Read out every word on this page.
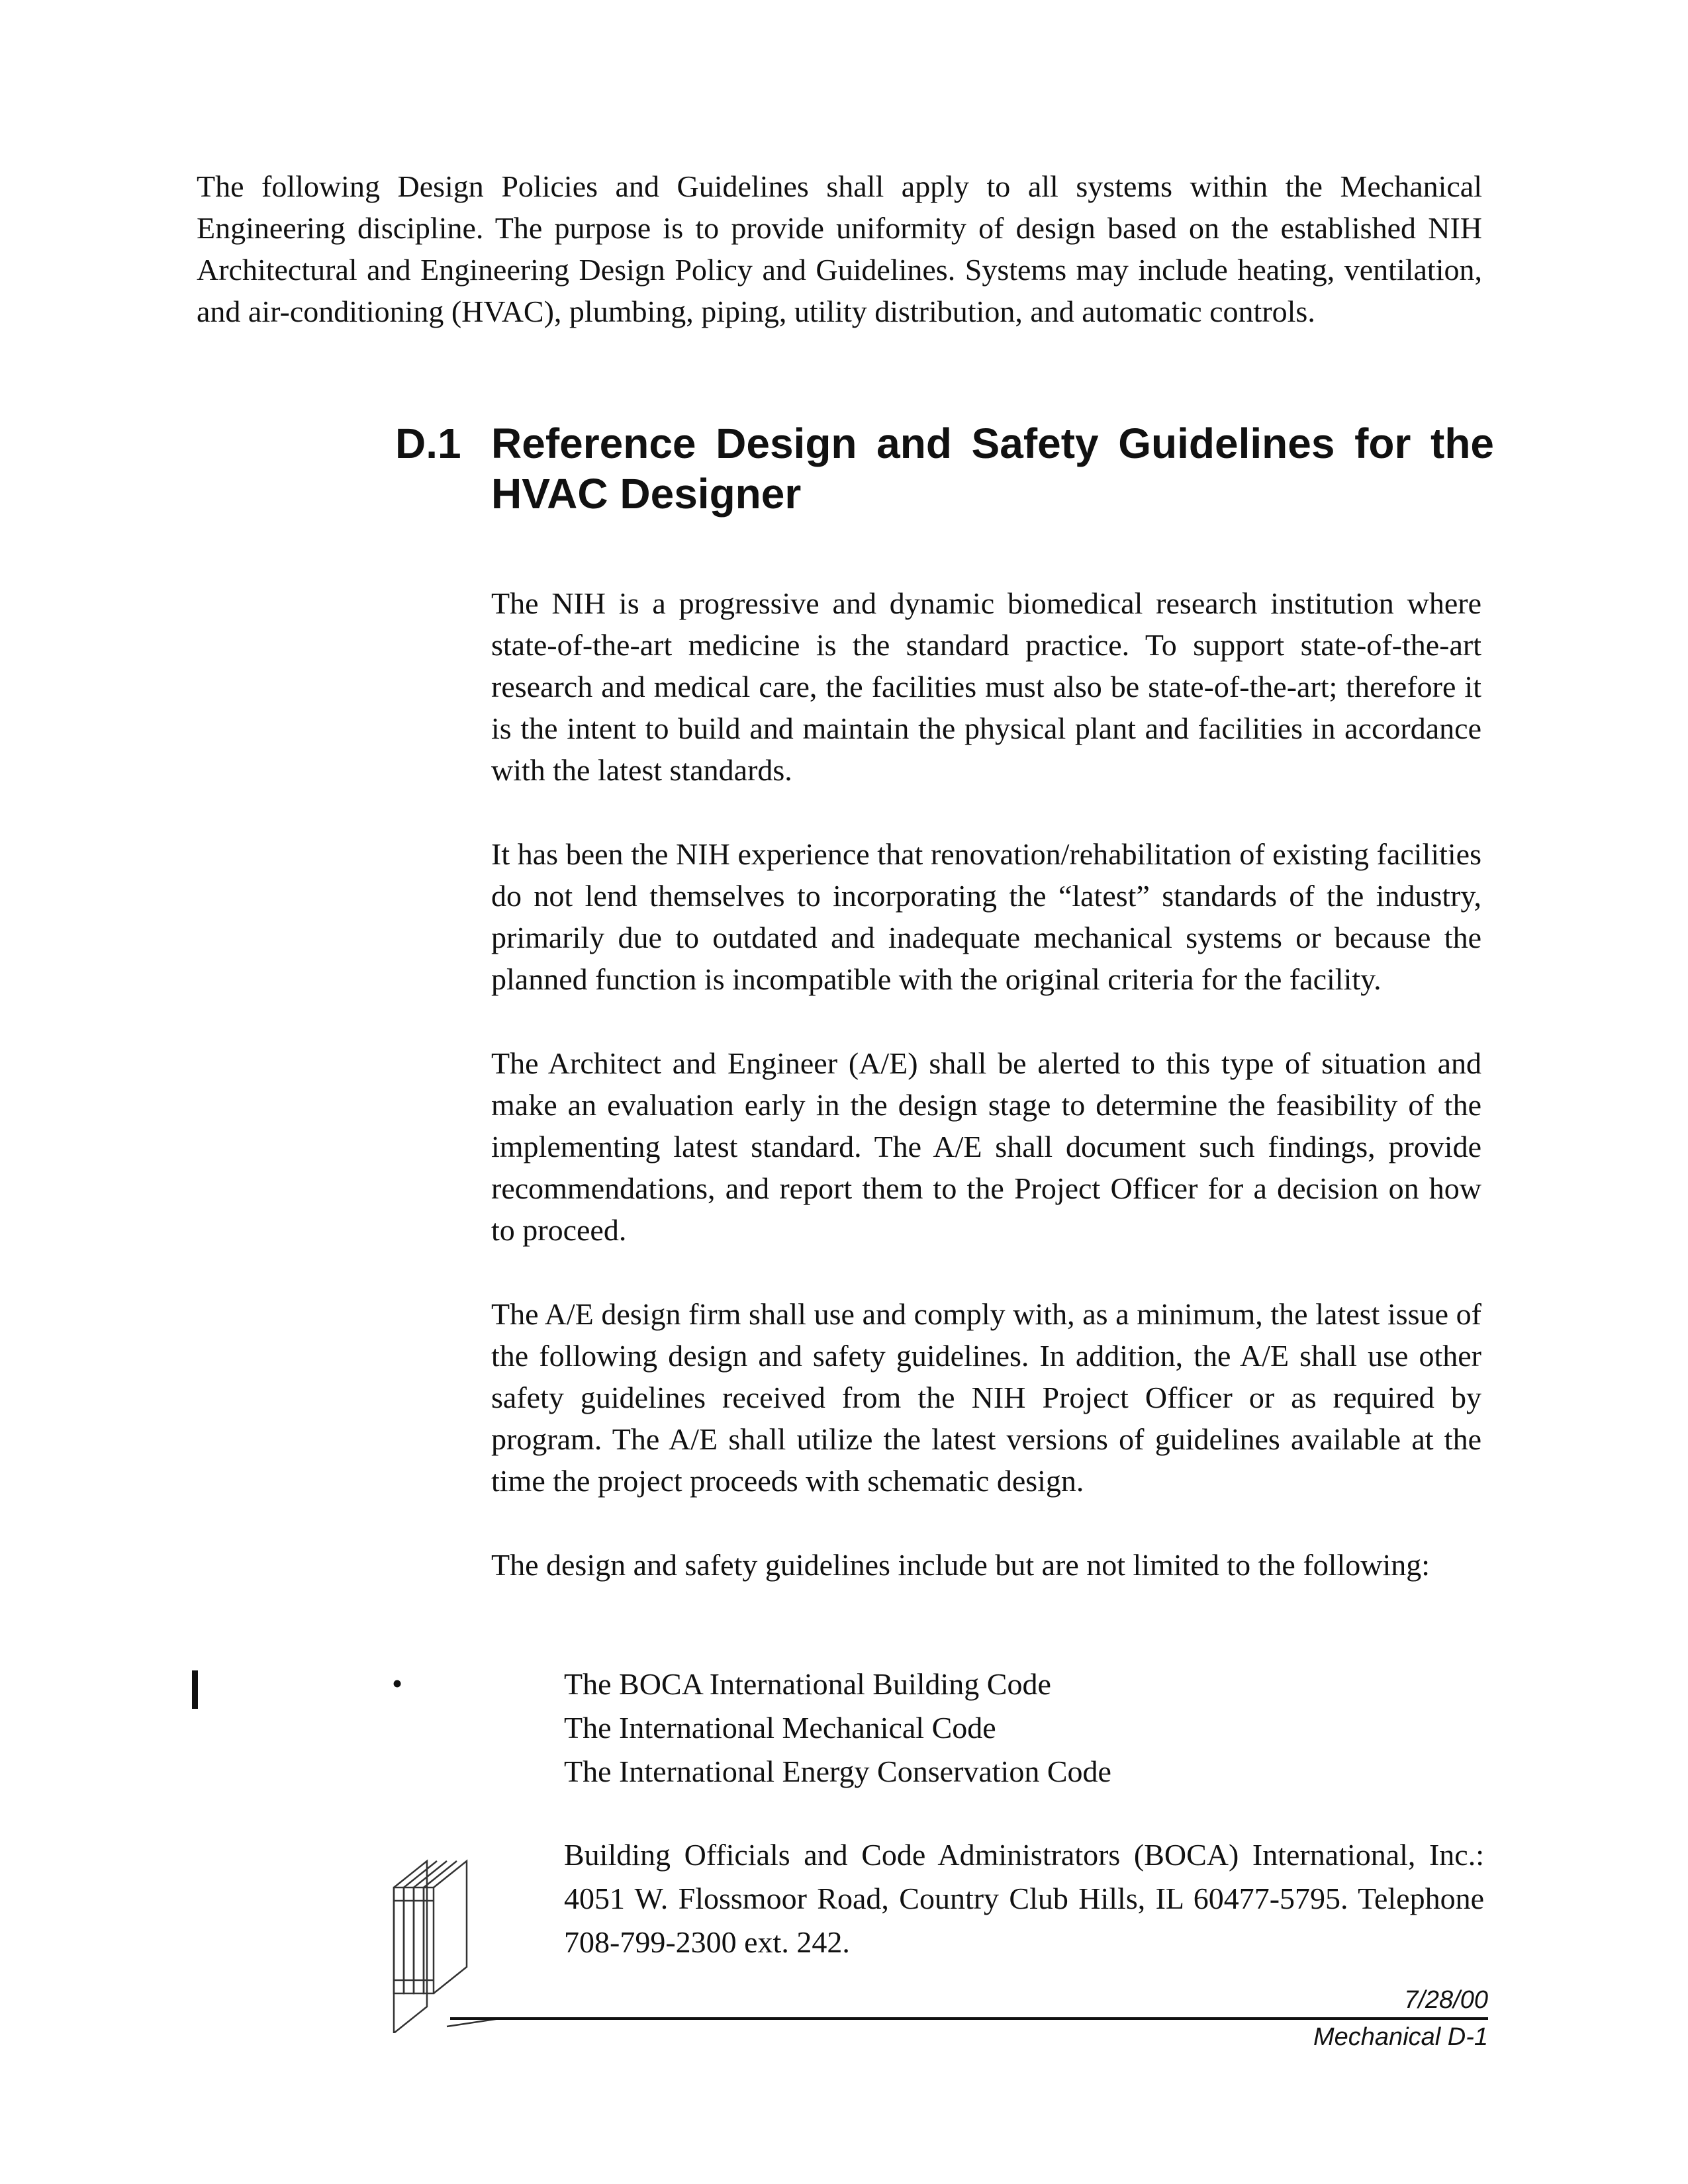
The following Design Policies and Guidelines shall apply to all systems within the Mechanical Engineering discipline. The purpose is to provide uniformity of design based on the established NIH Architectural and Engineering Design Policy and Guidelines. Systems may include heating, ventilation, and air-conditioning (HVAC), plumbing, piping, utility distribution, and automatic controls.

D.1 Reference Design and Safety Guidelines for the HVAC Designer

The NIH is a progressive and dynamic biomedical research institution where state-of-the-art medicine is the standard practice. To support state-of-the-art research and medical care, the facilities must also be state-of-the-art; therefore it is the intent to build and maintain the physical plant and facilities in accordance with the latest standards.

It has been the NIH experience that renovation/rehabilitation of existing facilities do not lend themselves to incorporating the “latest” standards of the industry, primarily due to outdated and inadequate mechanical systems or because the planned function is incompatible with the original criteria for the facility.

The Architect and Engineer (A/E) shall be alerted to this type of situation and make an evaluation early in the design stage to determine the feasibility of the implementing latest standard. The A/E shall document such findings, provide recommendations, and report them to the Project Officer for a decision on how to proceed.

The A/E design firm shall use and comply with, as a minimum, the latest issue of the following design and safety guidelines. In addition, the A/E shall use other safety guidelines received from the NIH Project Officer or as required by program. The A/E shall utilize the latest versions of guidelines available at the time the project proceeds with schematic design.

The design and safety guidelines include but are not limited to the following:

•	The BOCA International Building Code
The International Mechanical Code
The International Energy Conservation Code

Building Officials and Code Administrators (BOCA) International, Inc.: 4051 W. Flossmoor Road, Country Club Hills, IL 60477-5795. Telephone 708-799-2300 ext. 242.

7/28/00
Mechanical D-1
